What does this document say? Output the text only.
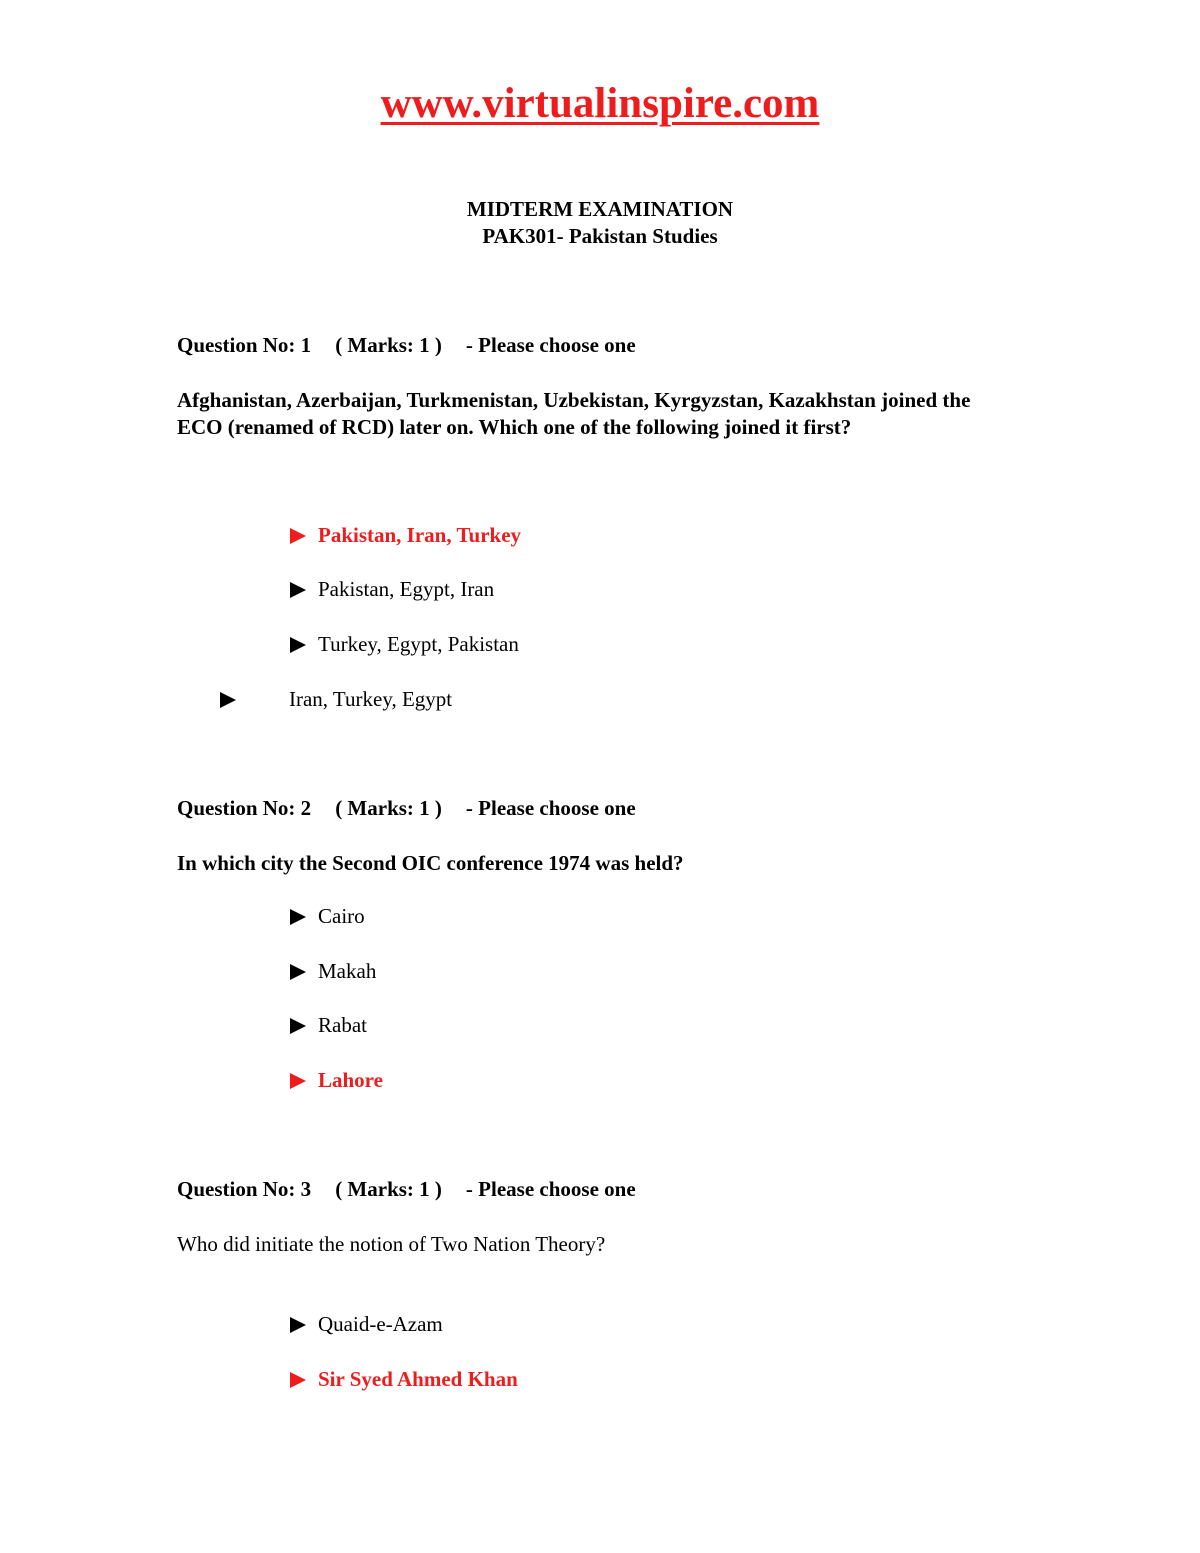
www.virtualinspire.com
MIDTERM EXAMINATION
PAK301- Pakistan Studies
Question No: 1 ( Marks: 1 ) - Please choose one
Afghanistan, Azerbaijan, Turkmenistan, Uzbekistan, Kyrgyzstan, Kazakhstan joined the ECO (renamed of RCD) later on. Which one of the following joined it first?
Pakistan, Iran, Turkey
Pakistan, Egypt, Iran
Turkey, Egypt, Pakistan
Iran, Turkey, Egypt
Question No: 2 ( Marks: 1 ) - Please choose one
In which city the Second OIC conference 1974 was held?
Cairo
Makah
Rabat
Lahore
Question No: 3 ( Marks: 1 ) - Please choose one
Who did initiate the notion of Two Nation Theory?
Quaid-e-Azam
Sir Syed Ahmed Khan
